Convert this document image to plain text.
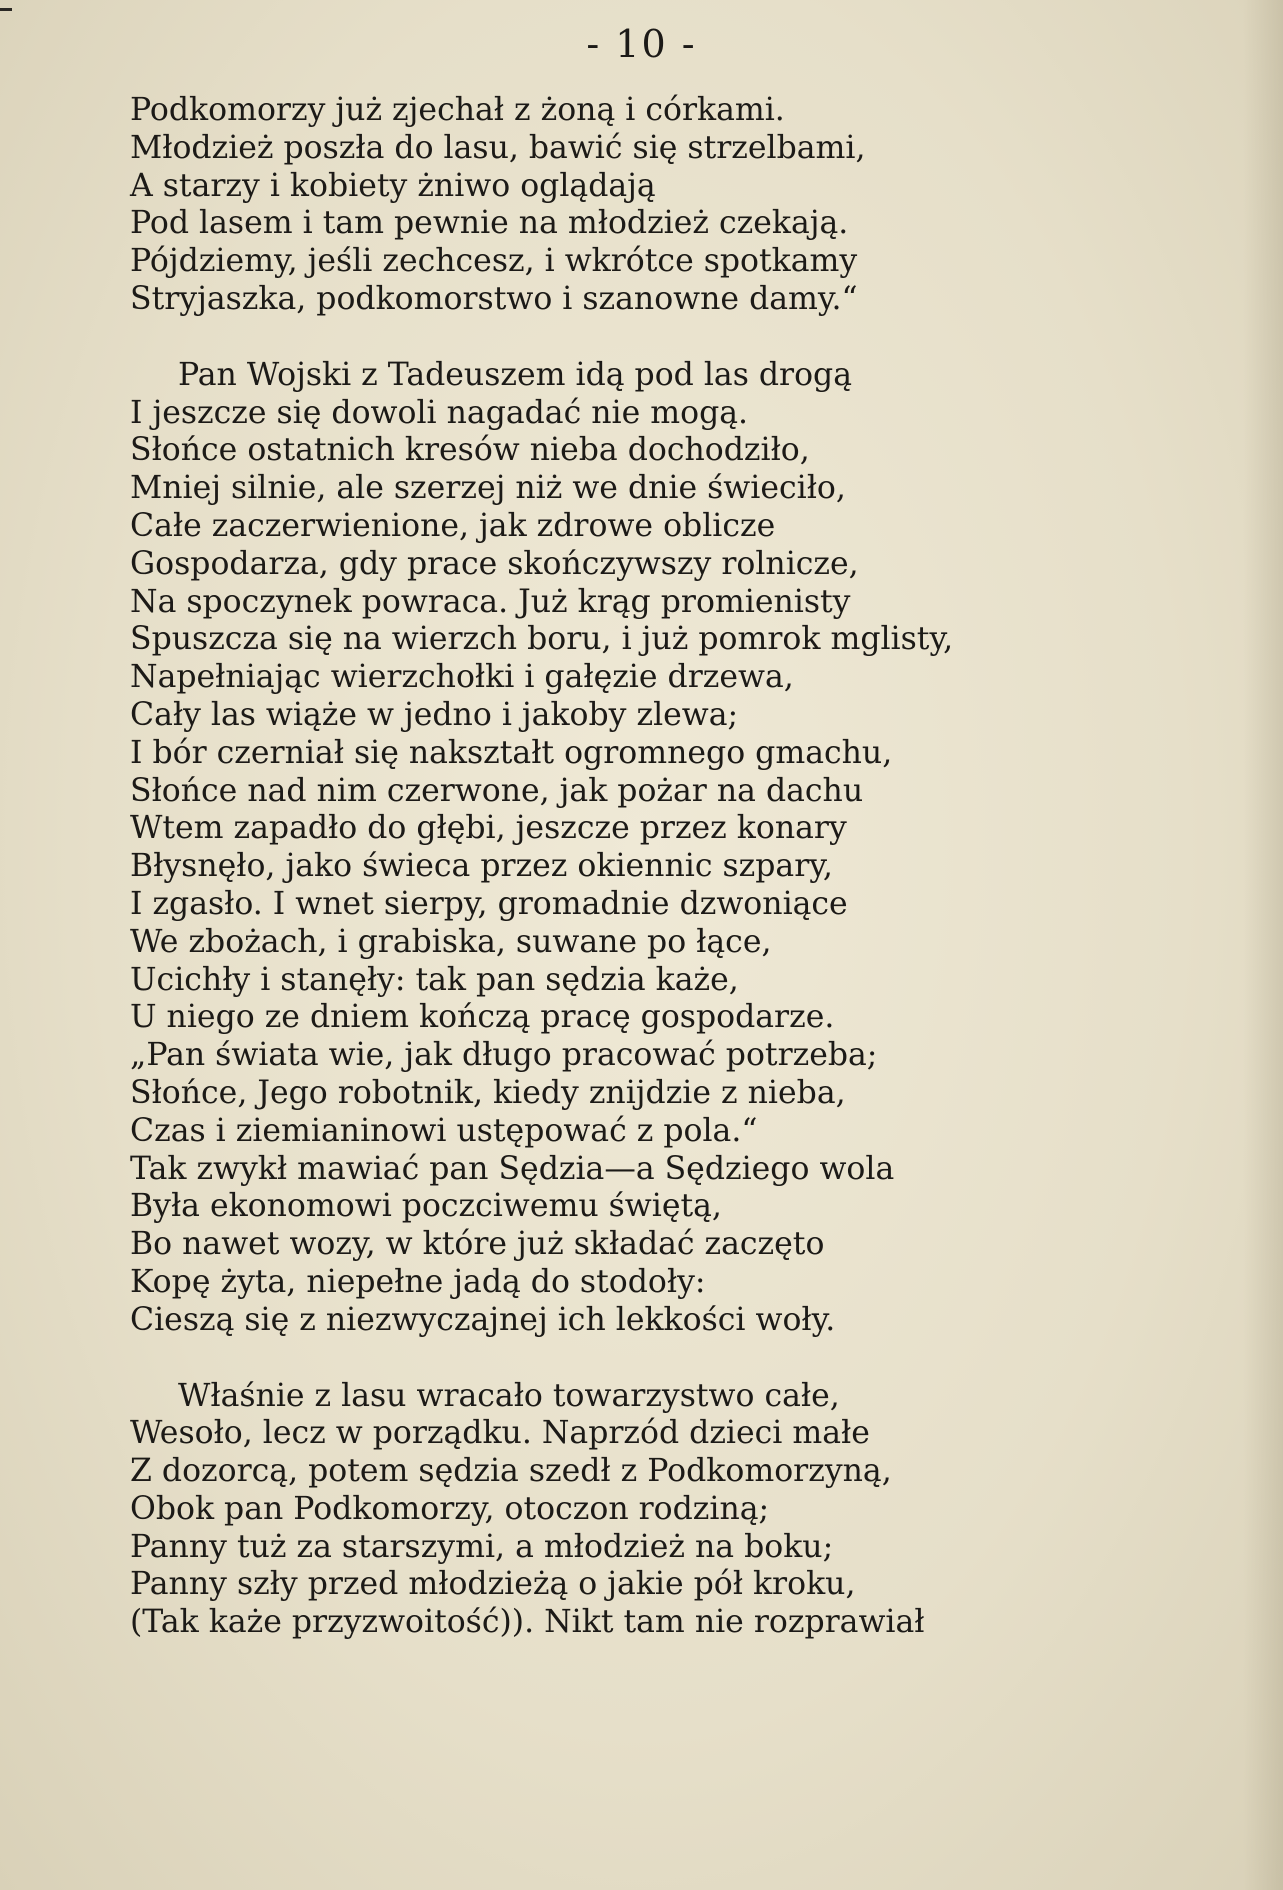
- 10 -
Podkomorzy już zjechał z żoną i córkami.
Młodzież poszła do lasu, bawić się strzelbami,
A starzy i kobiety żniwo oglądają
Pod lasem i tam pewnie na młodzież czekają.
Pójdziemy, jeśli zechcesz, i wkrótce spotkamy
Stryjaszka, podkomorstwo i szanowne damy.“
Pan Wojski z Tadeuszem idą pod las drogą
I jeszcze się dowoli nagadać nie mogą.
Słońce ostatnich kresów nieba dochodziło,
Mniej silnie, ale szerzej niż we dnie świeciło,
Całe zaczerwienione, jak zdrowe oblicze
Gospodarza, gdy prace skończywszy rolnicze,
Na spoczynek powraca. Już krąg promienisty
Spuszcza się na wierzch boru, i już pomrok mglisty,
Napełniając wierzchołki i gałęzie drzewa,
Cały las wiąże w jedno i jakoby zlewa;
I bór czerniał się nakształt ogromnego gmachu,
Słońce nad nim czerwone, jak pożar na dachu
Wtem zapadło do głębi, jeszcze przez konary
Błysnęło, jako świeca przez okiennic szpary,
I zgasło. I wnet sierpy, gromadnie dzwoniące
We zbożach, i grabiska, suwane po łące,
Ucichły i stanęły: tak pan sędzia każe,
U niego ze dniem kończą pracę gospodarze.
„Pan świata wie, jak długo pracować potrzeba;
Słońce, Jego robotnik, kiedy znijdzie z nieba,
Czas i ziemianinowi ustępować z pola.“
Tak zwykł mawiać pan Sędzia—a Sędziego wola
Była ekonomowi poczciwemu świętą,
Bo nawet wozy, w które już składać zaczęto
Kopę żyta, niepełne jadą do stodoły:
Cieszą się z niezwyczajnej ich lekkości woły.
Właśnie z lasu wracało towarzystwo całe,
Wesoło, lecz w porządku. Naprzód dzieci małe
Z dozorcą, potem sędzia szedł z Podkomorzyną,
Obok pan Podkomorzy, otoczon rodziną;
Panny tuż za starszymi, a młodzież na boku;
Panny szły przed młodzieżą o jakie pół kroku,
(Tak każe przyzwoitość)). Nikt tam nie rozprawiał
